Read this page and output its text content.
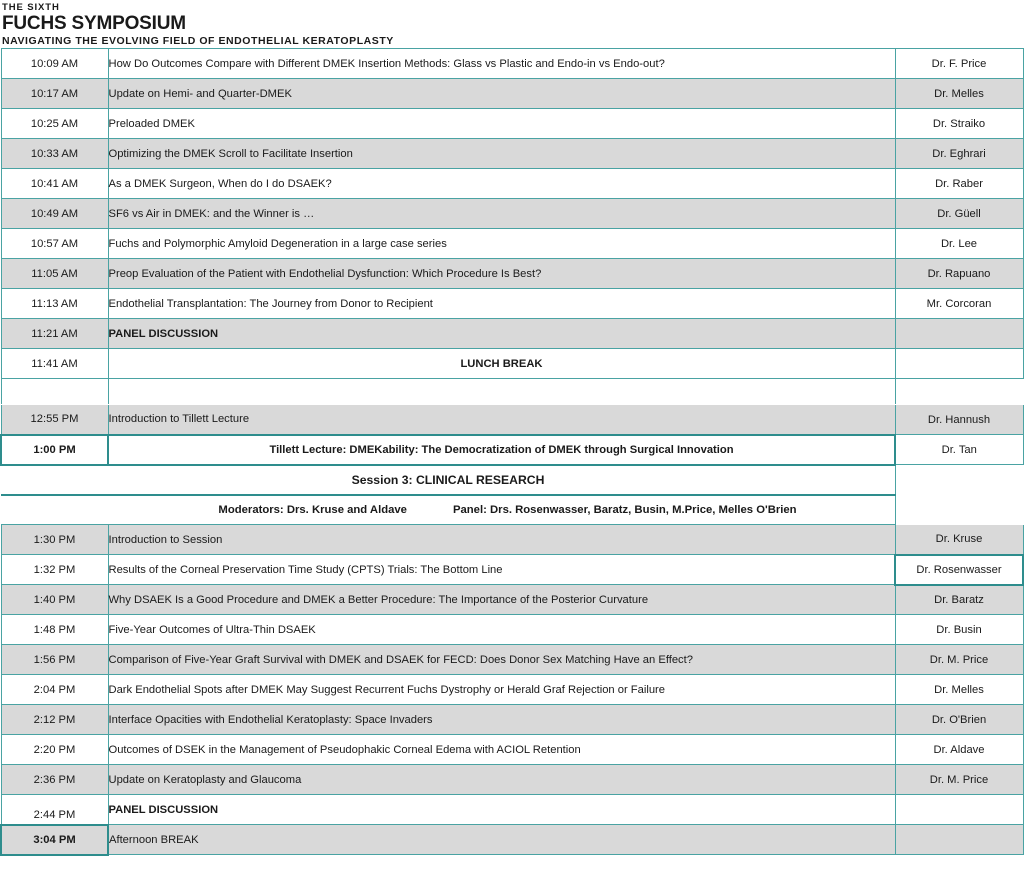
THE SIXTH
FUCHS SYMPOSIUM
NAVIGATING THE EVOLVING FIELD OF ENDOTHELIAL KERATOPLASTY
10:09 AM	How Do Outcomes Compare with Different DMEK Insertion Methods: Glass vs Plastic and Endo-in vs Endo-out?	Dr. F. Price
10:17 AM	Update on Hemi- and Quarter-DMEK	Dr. Melles
10:25 AM	Preloaded DMEK	Dr. Straiko
10:33 AM	Optimizing the DMEK Scroll to Facilitate Insertion	Dr. Eghrari
10:41 AM	As a DMEK Surgeon, When do I do DSAEK?	Dr. Raber
10:49 AM	SF6 vs Air in DMEK: and the Winner is …	Dr. Güell
10:57 AM	Fuchs and Polymorphic Amyloid Degeneration in a large case series	Dr. Lee
11:05 AM	Preop Evaluation of the Patient with Endothelial Dysfunction: Which Procedure Is Best?	Dr. Rapuano
11:13 AM	Endothelial Transplantation: The Journey from Donor to Recipient	Mr. Corcoran
11:21 AM	PANEL DISCUSSION	
11:41 AM	LUNCH BREAK	

12:55 PM	Introduction to Tillett Lecture	Dr. Hannush
1:00 PM	Tillett Lecture: DMEKability: The Democratization of DMEK through Surgical Innovation	Dr. Tan
Session 3: CLINICAL RESEARCH		

	Moderators: Drs. Kruse and Aldave Panel: Drs. Rosenwasser, Baratz, Busin, M.Price, Melles O'Brien	

1:30 PM	Introduction to Session	Dr. Kruse
1:32 PM	Results of the Corneal Preservation Time Study (CPTS) Trials: The Bottom Line	Dr. Rosenwasser
1:40 PM	Why DSAEK Is a Good Procedure and DMEK a Better Procedure: The Importance of the Posterior Curvature	Dr. Baratz
1:48 PM	Five-Year Outcomes of Ultra-Thin DSAEK	Dr. Busin
1:56 PM	Comparison of Five-Year Graft Survival with DMEK and DSAEK for FECD: Does Donor Sex Matching Have an Effect?	Dr. M. Price
2:04 PM	Dark Endothelial Spots after DMEK May Suggest Recurrent Fuchs Dystrophy or Herald Graf Rejection or Failure	Dr. Melles
2:12 PM	Interface Opacities with Endothelial Keratoplasty: Space Invaders	Dr. O'Brien
2:20 PM	Outcomes of DSEK in the Management of Pseudophakic Corneal Edema with ACIOL Retention	Dr. Aldave
2:36 PM	Update on Keratoplasty and Glaucoma	Dr. M. Price

2:44 PM	PANEL DISCUSSION	
3:04 PM	Afternoon BREAK	
